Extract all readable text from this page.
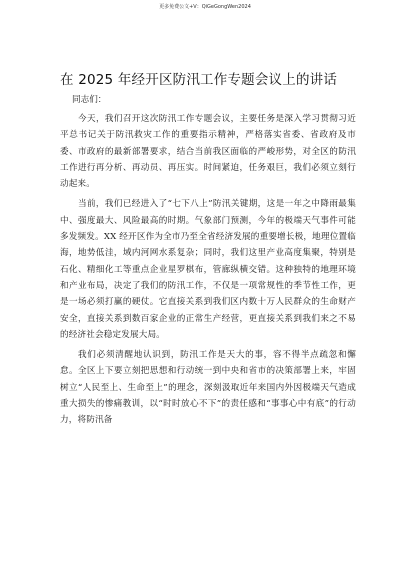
更多免费公文+V：QiGeGongWen2024
在 2025 年经开区防汛工作专题会议上的讲话

同志们：

今天，我们召开这次防汛工作专题会议，主要任务是深入学习贯彻习近平总书记关于防汛救灾工作的重要指示精神，严格落实省委、省政府及市委、市政府的最新部署要求，结合当前我区面临的严峻形势，对全区的防汛工作进行再分析、再动员、再压实。时间紧迫，任务艰巨，我们必须立刻行动起来。

当前，我们已经进入了“七下八上”防汛关键期，这是一年之中降雨最集中、强度最大、风险最高的时期。气象部门预测，今年的极端天气事件可能多发频发。XX 经开区作为全市乃至全省经济发展的重要增长极，地理位置临海，地势低洼，域内河网水系复杂；同时，我们这里产业高度集聚，特别是石化、精细化工等重点企业星罗棋布，管廊纵横交错。这种独特的地理环境和产业布局，决定了我们的防汛工作，不仅是一项常规性的季节性工作，更是一场必须打赢的硬仗。它直接关系到我们区内数十万人民群众的生命财产安全，直接关系到数百家企业的正常生产经营，更直接关系到我们来之不易的经济社会稳定发展大局。

我们必须清醒地认识到，防汛工作是天大的事，容不得半点疏忽和懈怠。全区上下要立刻把思想和行动统一到中央和省市的决策部署上来，牢固树立“人民至上、生命至上”的理念，深刻汲取近年来国内外因极端天气造成重大损失的惨痛教训，以“时时放心不下”的责任感和“事事心中有底”的行动力，将防汛备
